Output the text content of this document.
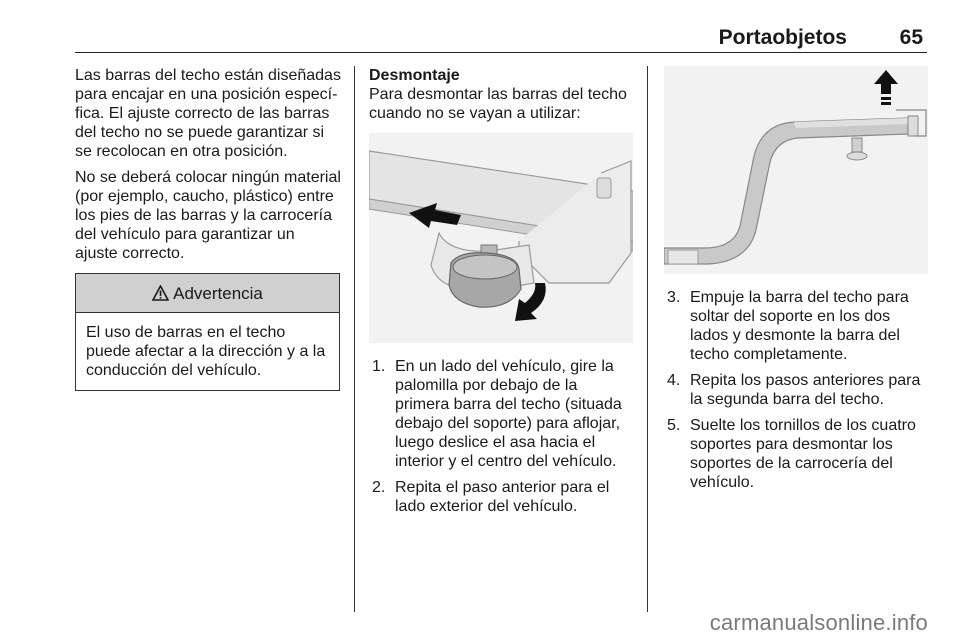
Portaobjetos	65

Las barras del techo están diseñadas para encajar en una posición especí-fica. El ajuste correcto de las barras del techo no se puede garantizar si se recolocan en otra posición.

No se deberá colocar ningún material (por ejemplo, caucho, plástico) entre los pies de las barras y la carrocería del vehículo para garantizar un ajuste correcto.

Advertencia
El uso de barras en el techo puede afectar a la dirección y a la conducción del vehículo.
Desmontaje

Para desmontar las barras del techo cuando no se vayan a utilizar:

1. En un lado del vehículo, gire la palomilla por debajo de la primera barra del techo (situada debajo del soporte) para aflojar, luego deslice el asa hacia el interior y el centro del vehículo.
2. Repita el paso anterior para el lado exterior del vehículo.
3. Empuje la barra del techo para soltar del soporte en los dos lados y desmonte la barra del techo completamente.
4. Repita los pasos anteriores para la segunda barra del techo.
5. Suelte los tornillos de los cuatro soportes para desmontar los soportes de la carrocería del vehículo.
carmanualsonline.info
